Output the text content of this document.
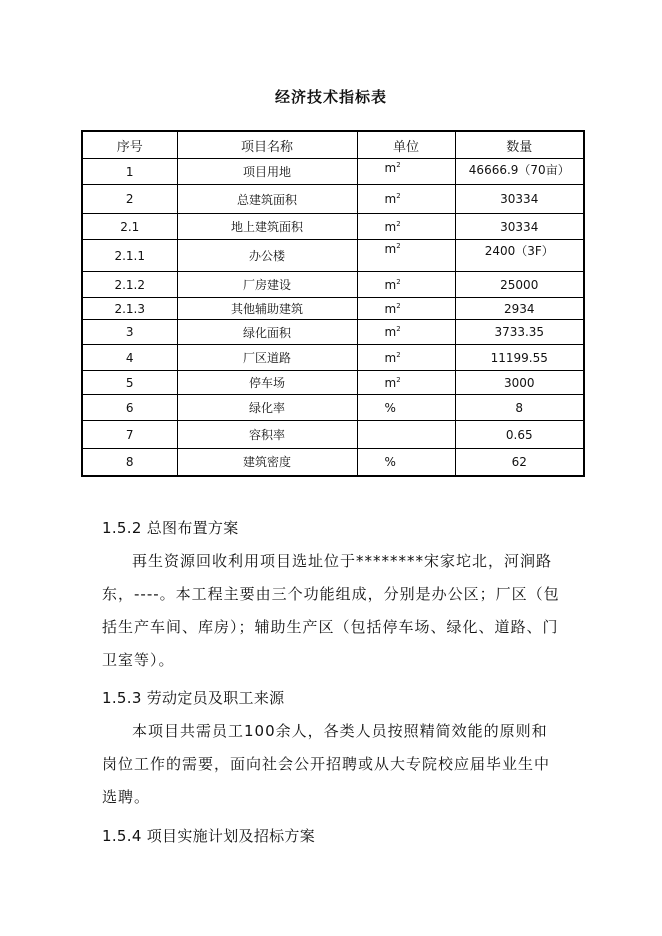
经济技术指标表
序号	项目名称	单位	数量
1	项目用地	$m^2$	46666.9（70亩）
2	总建筑面积	$m^2$	30334
2.1	地上建筑面积	$m^2$	30334
2.1.1	办公楼	$m^2$	2400（3F）
2.1.2	厂房建设	$m^2$	25000
2.1.3	其他辅助建筑	$m^2$	2934
3	绿化面积	$m^2$	3733.35
4	厂区道路	$m^2$	11199.55
5	停车场	$m^2$	3000
6	绿化率	%	8
7	容积率		0.65
8	建筑密度	%	62
1.5.2 总图布置方案
再生资源回收利用项目选址位于********宋家坨北，河涧路东，----。本工程主要由三个功能组成，分别是办公区；厂区（包括生产车间、库房）；辅助生产区（包括停车场、绿化、道路、门卫室等）。
1.5.3 劳动定员及职工来源
本项目共需员工100余人，各类人员按照精简效能的原则和岗位工作的需要，面向社会公开招聘或从大专院校应届毕业生中选聘。
1.5.4 项目实施计划及招标方案
